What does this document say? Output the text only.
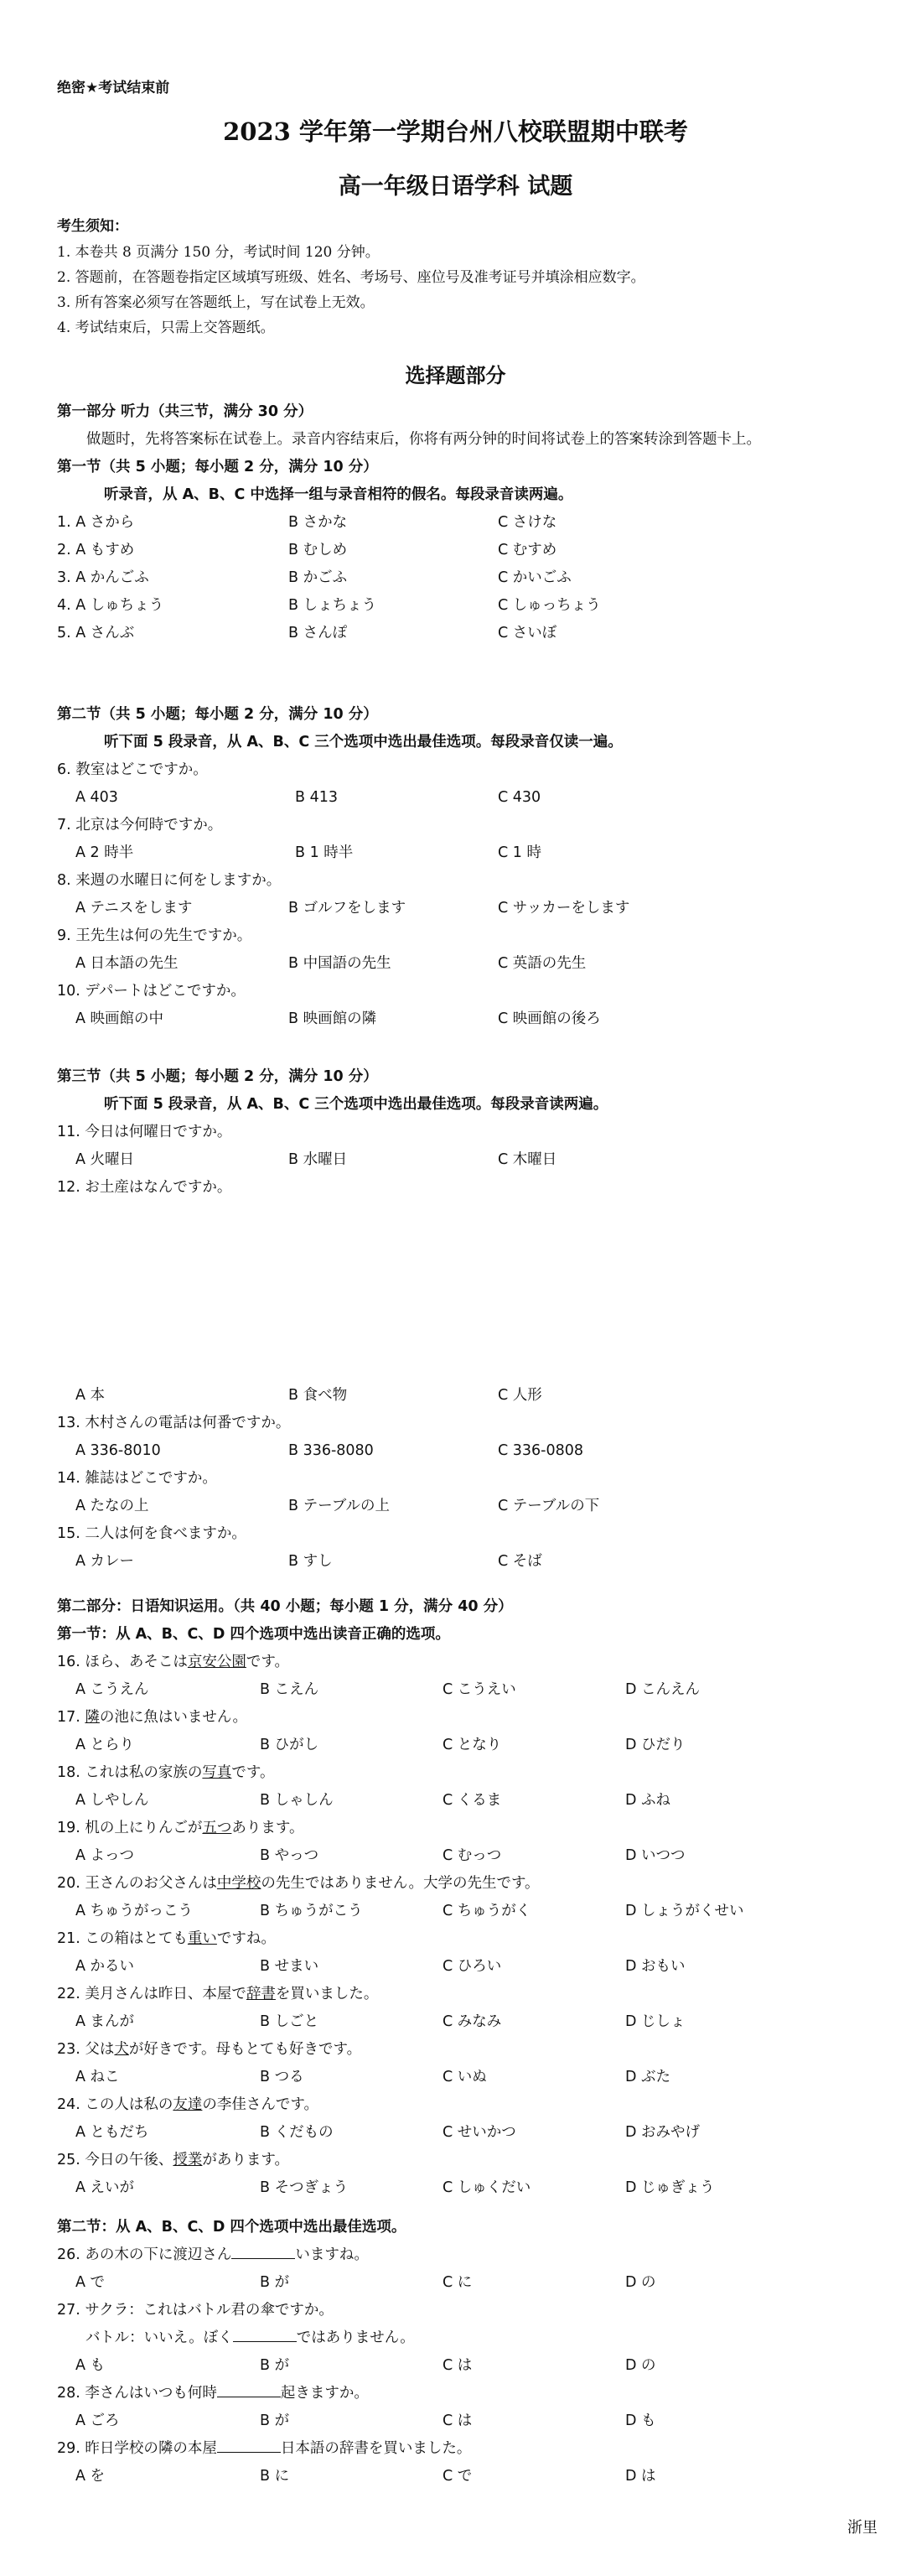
绝密★考试结束前
2023 学年第一学期台州八校联盟期中联考
高一年级日语学科 试题
考生须知：
1. 本卷共 8 页满分 150 分，考试时间 120 分钟。
2. 答题前，在答题卷指定区域填写班级、姓名、考场号、座位号及准考证号并填涂相应数字。
3. 所有答案必须写在答题纸上，写在试卷上无效。
4. 考试结束后，只需上交答题纸。
选择题部分
第一部分 听力（共三节，满分 30 分）
做题时，先将答案标在试卷上。录音内容结束后，你将有两分钟的时间将试卷上的答案转涂到答题卡上。
第一节（共 5 小题；每小题 2 分，满分 10 分）
听录音，从 A、B、C 中选择一组与录音相符的假名。每段录音读两遍。
1. A さから	B さかな	C さけな
2. A もすめ	B むしめ	C むすめ
3. A かんごふ	B かごふ	C かいごふ
4. A しゅちょう	B しょちょう	C しゅっちょう
5. A さんぶ	B さんぽ	C さいぼ
第二节（共 5 小题；每小题 2 分，满分 10 分）
听下面 5 段录音，从 A、B、C 三个选项中选出最佳选项。每段录音仅读一遍。
6. 教室はどこですか。
A 403	B 413	C 430
7. 北京は今何時ですか。
A 2 時半	B 1 時半	C 1 時
8. 来週の水曜日に何をしますか。
A テニスをします	B ゴルフをします	C サッカーをします
9. 王先生は何の先生ですか。
A 日本語の先生	B 中国語の先生	C 英語の先生
10. デパートはどこですか。
A 映画館の中	B 映画館の隣	C 映画館の後ろ
第三节（共 5 小题；每小题 2 分，满分 10 分）
听下面 5 段录音，从 A、B、C 三个选项中选出最佳选项。每段录音读两遍。
11. 今日は何曜日ですか。
A 火曜日	B 水曜日	C 木曜日
12. お土産はなんですか。
A 本	B 食べ物	C 人形
13. 木村さんの電話は何番ですか。
A 336-8010	B 336-8080	C 336-0808
14. 雑誌はどこですか。
A たなの上	B テーブルの上	C テーブルの下
15. 二人は何を食べますか。
A カレー	B すし	C そば
第二部分：日语知识运用。（共 40 小题；每小题 1 分，满分 40 分）
第一节：从 A、B、C、D 四个选项中选出读音正确的选项。
16. ほら、あそこは京安公園です。
A こうえん	B こえん	C こうえい	D こんえん
17. 隣の池に魚はいません。
A とらり	B ひがし	C となり	D ひだり
18. これは私の家族の写真です。
A しやしん	B しゃしん	C くるま	D ふね
19. 机の上にりんごが五つあります。
A よっつ	B やっつ	C むっつ	D いつつ
20. 王さんのお父さんは中学校の先生ではありません。大学の先生です。
A ちゅうがっこう	B ちゅうがこう	C ちゅうがく	D しょうがくせい
21. この箱はとても重いですね。
A かるい	B せまい	C ひろい	D おもい
22. 美月さんは昨日、本屋で辞書を買いました。
A まんが	B しごと	C みなみ	D じしょ
23. 父は犬が好きです。母もとても好きです。
A ねこ	B つる	C いぬ	D ぶた
24. この人は私の友達の李佳さんです。
A ともだち	B くだもの	C せいかつ	D おみやげ
25. 今日の午後、授業があります。
A えいが	B そつぎょう	C しゅくだい	D じゅぎょう
第二节：从 A、B、C、D 四个选项中选出最佳选项。
26. あの木の下に渡辺さん	いますね。
A で	B が	C に	D の
27. サクラ：これはバトル君の傘ですか。
バトル：いいえ。ぼく	ではありません。
A も	B が	C は	D の
28. 李さんはいつも何時	起きますか。
A ごろ	B が	C は	D も
29. 昨日学校の隣の本屋	日本語の辞書を買いました。
A を	B に	C で	D は
浙里
